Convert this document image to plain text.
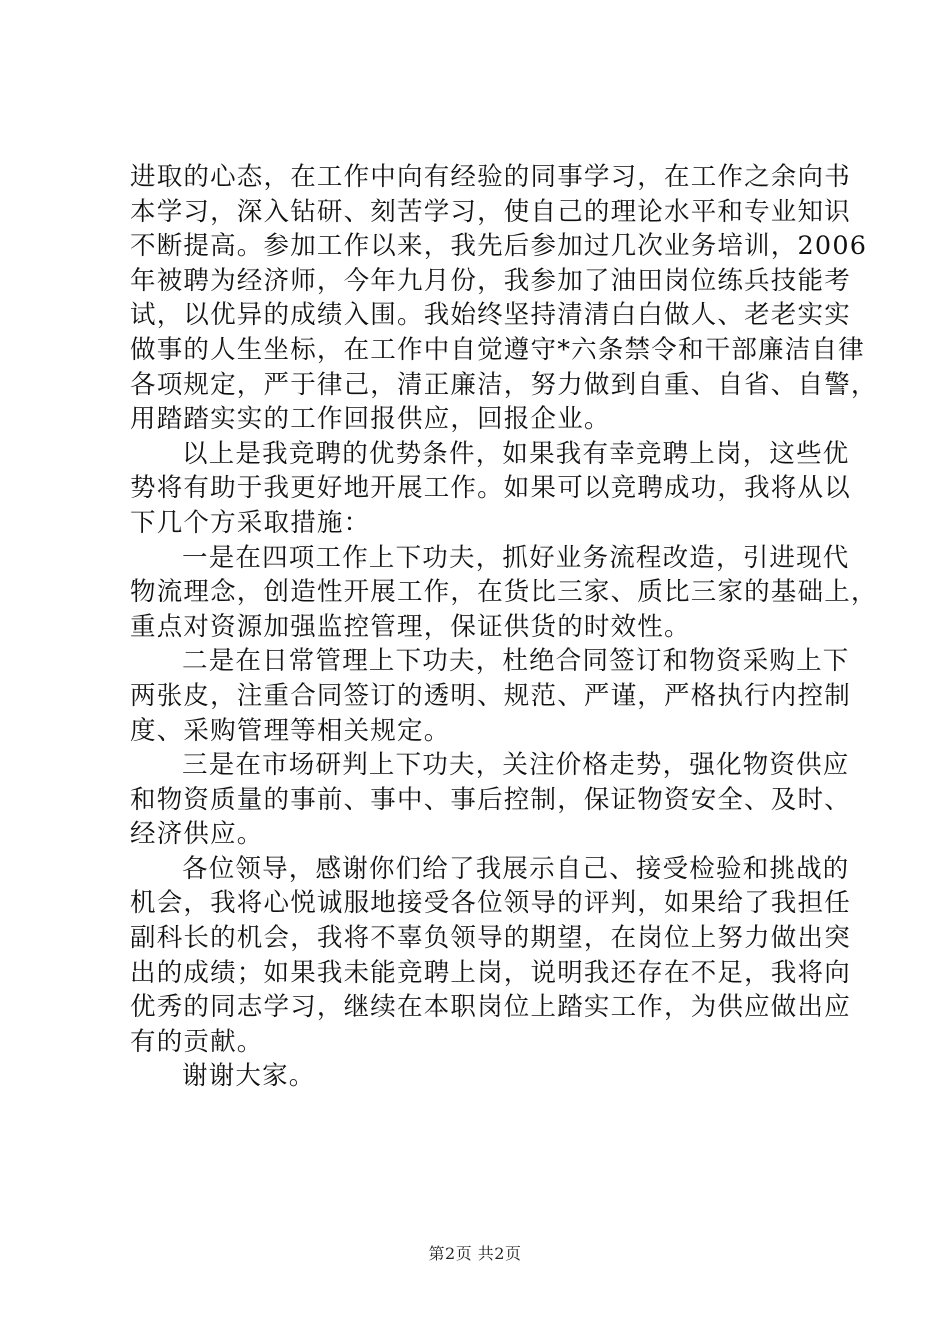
进取的心态，在工作中向有经验的同事学习，在工作之余向书
本学习，深入钻研、刻苦学习，使自己的理论水平和专业知识
不断提高。参加工作以来，我先后参加过几次业务培训，2006
年被聘为经济师，今年九月份，我参加了油田岗位练兵技能考
试，以优异的成绩入围。我始终坚持清清白白做人、老老实实
做事的人生坐标，在工作中自觉遵守*六条禁令和干部廉洁自律
各项规定，严于律己，清正廉洁，努力做到自重、自省、自警，
用踏踏实实的工作回报供应，回报企业。
以上是我竞聘的优势条件，如果我有幸竞聘上岗，这些优
势将有助于我更好地开展工作。如果可以竞聘成功，我将从以
下几个方采取措施：
一是在四项工作上下功夫，抓好业务流程改造，引进现代
物流理念，创造性开展工作，在货比三家、质比三家的基础上，
重点对资源加强监控管理，保证供货的时效性。
二是在日常管理上下功夫，杜绝合同签订和物资采购上下
两张皮，注重合同签订的透明、规范、严谨，严格执行内控制
度、采购管理等相关规定。
三是在市场研判上下功夫，关注价格走势，强化物资供应
和物资质量的事前、事中、事后控制，保证物资安全、及时、
经济供应。
各位领导，感谢你们给了我展示自己、接受检验和挑战的
机会，我将心悦诚服地接受各位领导的评判，如果给了我担任
副科长的机会，我将不辜负领导的期望，在岗位上努力做出突
出的成绩；如果我未能竞聘上岗，说明我还存在不足，我将向
优秀的同志学习，继续在本职岗位上踏实工作，为供应做出应
有的贡献。
谢谢大家。
第2页 共2页
